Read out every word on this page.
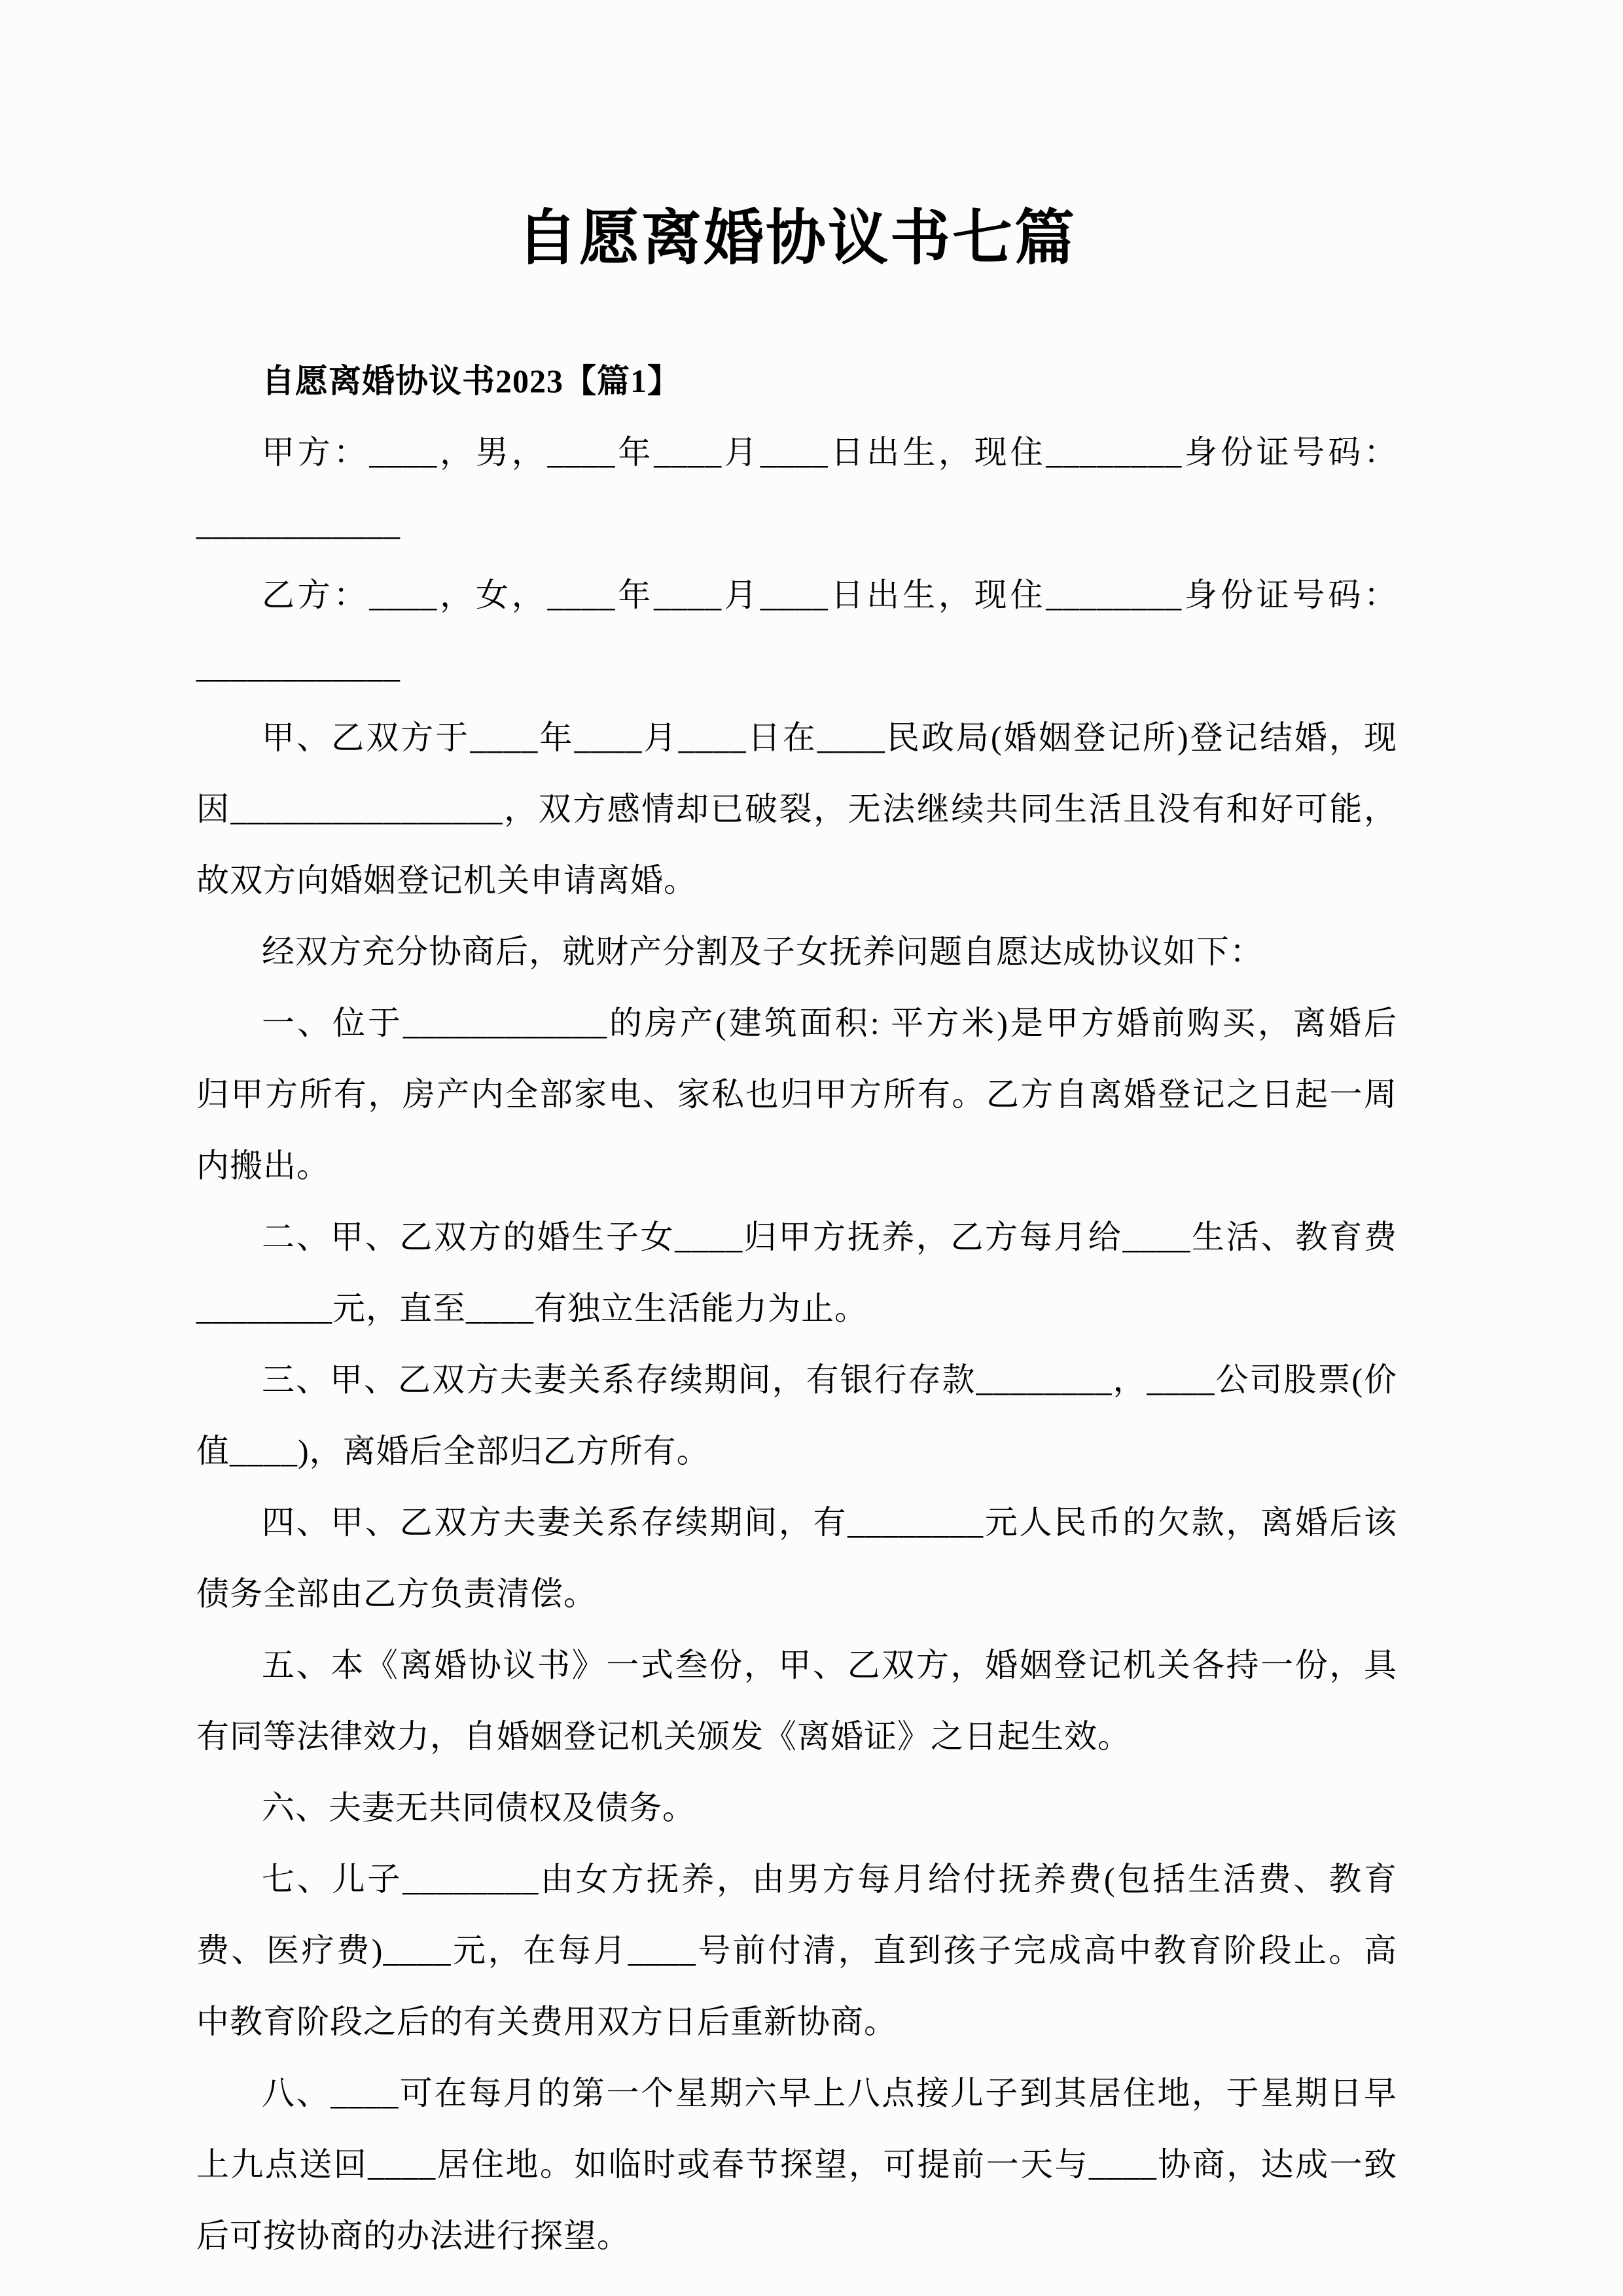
自愿离婚协议书七篇
自愿离婚协议书2023【篇1】
甲方：____，男，____年____月____日出生，现住________身份证号码：
____________
乙方：____，女，____年____月____日出生，现住________身份证号码：
____________
甲、乙双方于____年____月____日在____民政局(婚姻登记所)登记结婚，现
因________________，双方感情却已破裂，无法继续共同生活且没有和好可能，
故双方向婚姻登记机关申请离婚。
经双方充分协商后，就财产分割及子女抚养问题自愿达成协议如下：
一、位于____________的房产(建筑面积: 平方米)是甲方婚前购买，离婚后
归甲方所有，房产内全部家电、家私也归甲方所有。乙方自离婚登记之日起一周
内搬出。
二、甲、乙双方的婚生子女____归甲方抚养，乙方每月给____生活、教育费
________元，直至____有独立生活能力为止。
三、甲、乙双方夫妻关系存续期间，有银行存款________，____公司股票(价
值____)，离婚后全部归乙方所有。
四、甲、乙双方夫妻关系存续期间，有________元人民币的欠款，离婚后该
债务全部由乙方负责清偿。
五、本《离婚协议书》一式叁份，甲、乙双方，婚姻登记机关各持一份，具
有同等法律效力，自婚姻登记机关颁发《离婚证》之日起生效。
六、夫妻无共同债权及债务。
七、儿子________由女方抚养，由男方每月给付抚养费(包括生活费、教育
费、医疗费)____元，在每月____号前付清，直到孩子完成高中教育阶段止。高
中教育阶段之后的有关费用双方日后重新协商。
八、____可在每月的第一个星期六早上八点接儿子到其居住地，于星期日早
上九点送回____居住地。如临时或春节探望，可提前一天与____协商，达成一致
后可按协商的办法进行探望。
